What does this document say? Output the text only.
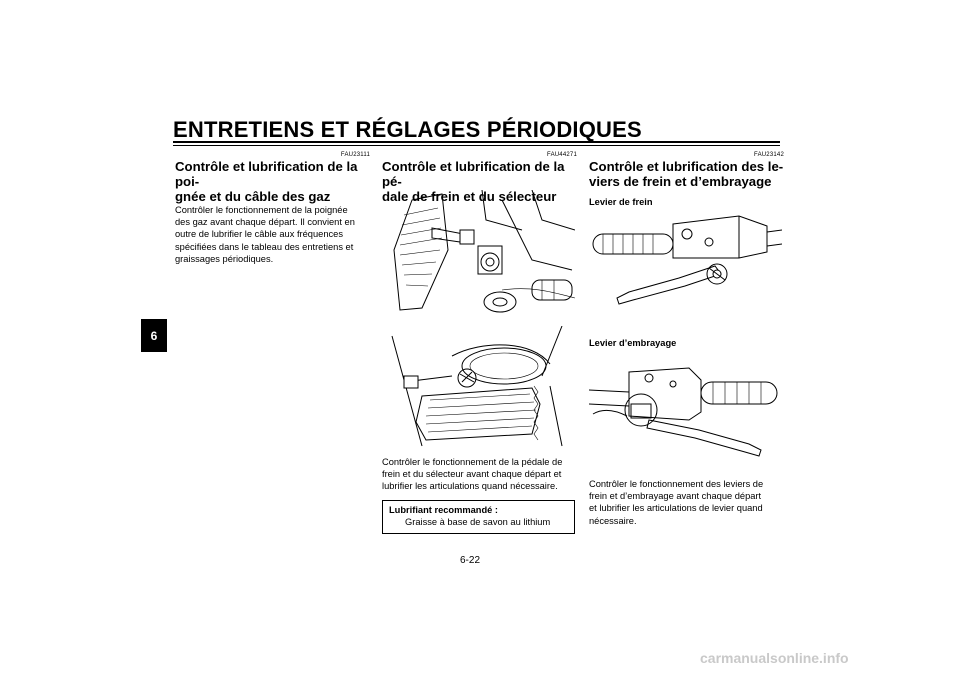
ENTRETIENS ET RÉGLAGES PÉRIODIQUES
6
FAU23111
Contrôle et lubrification de la poi-
gnée et du câble des gaz
Contrôler le fonctionnement de la poignée
des gaz avant chaque départ. Il convient en
outre de lubrifier le câble aux fréquences
spécifiées dans le tableau des entretiens et
graissages périodiques.
FAU44271
Contrôle et lubrification de la pé-
dale de frein et du sélecteur
Contrôler le fonctionnement de la pédale de
frein et du sélecteur avant chaque départ et
lubrifier les articulations quand nécessaire.
Lubrifiant recommandé :
Graisse à base de savon au lithium
FAU23142
Contrôle et lubrification des le-
viers de frein et d’embrayage
Levier de frein
Levier d’embrayage
Contrôler le fonctionnement des leviers de
frein et d’embrayage avant chaque départ
et lubrifier les articulations de levier quand
nécessaire.
6-22
carmanualsonline.info
